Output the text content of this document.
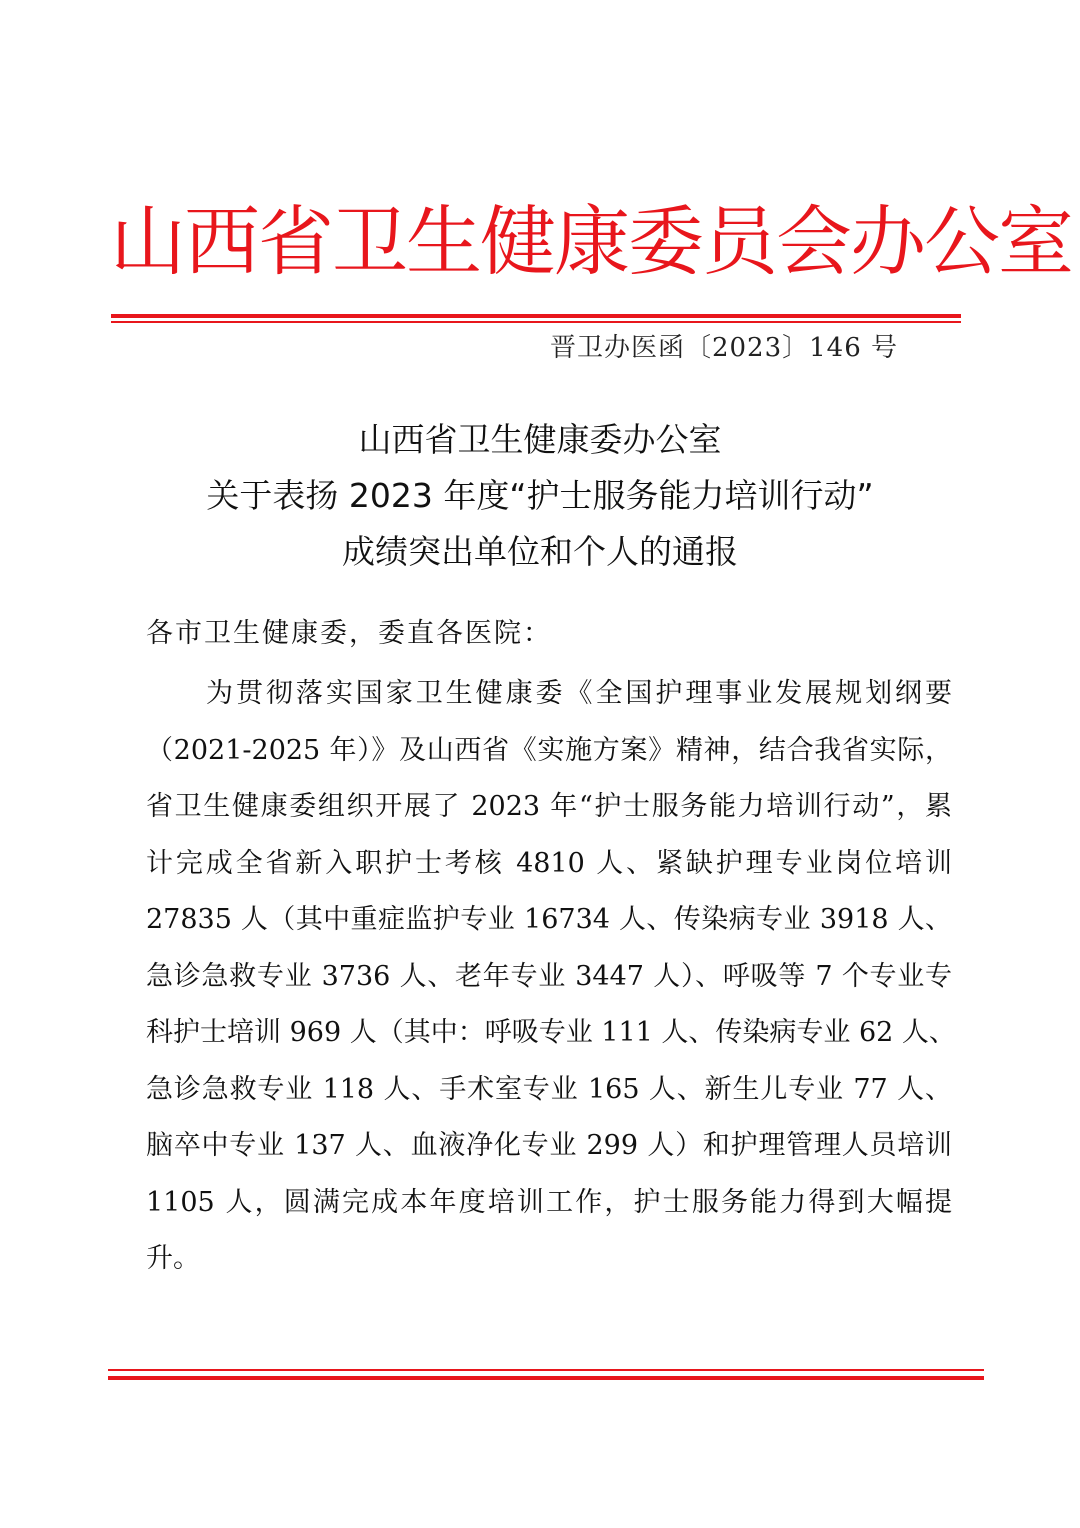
山西省卫生健康委员会办公室
晋卫办医函〔2023〕146 号
山西省卫生健康委办公室
关于表扬 2023 年度“护士服务能力培训行动”
成绩突出单位和个人的通报
各市卫生健康委，委直各医院：
为贯彻落实国家卫生健康委《全国护理事业发展规划纲要
（2021-2025 年）》及山西省《实施方案》精神，结合我省实际，
省卫生健康委组织开展了 2023 年“护士服务能力培训行动”，累
计完成全省新入职护士考核 4810 人、紧缺护理专业岗位培训
27835 人（其中重症监护专业 16734 人、传染病专业 3918 人、
急诊急救专业 3736 人、老年专业 3447 人）、呼吸等 7 个专业专
科护士培训 969 人（其中：呼吸专业 111 人、传染病专业 62 人、
急诊急救专业 118 人、手术室专业 165 人、新生儿专业 77 人、
脑卒中专业 137 人、血液净化专业 299 人）和护理管理人员培训
1105 人，圆满完成本年度培训工作，护士服务能力得到大幅提
升。
